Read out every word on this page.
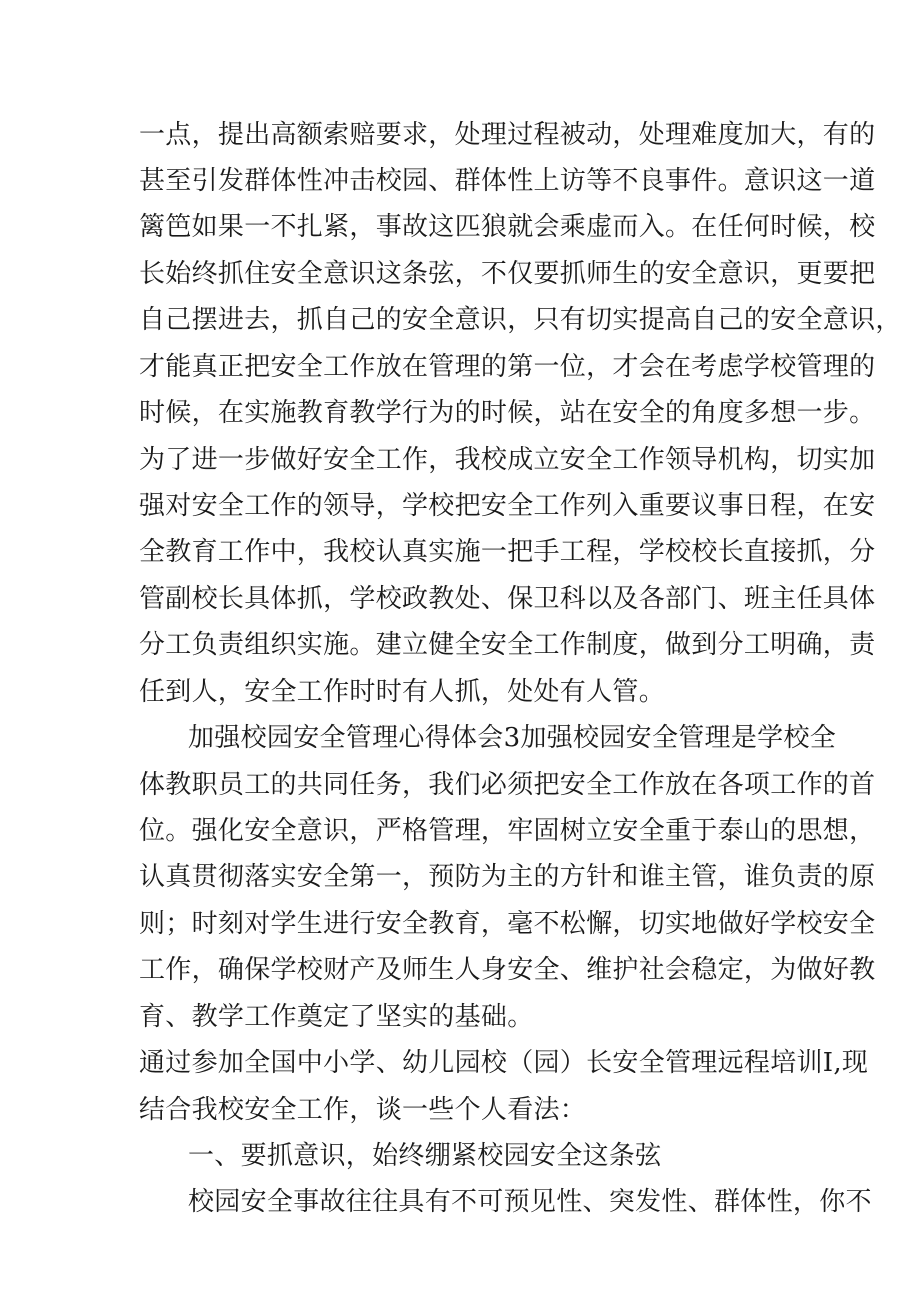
一点，提出高额索赔要求，处理过程被动，处理难度加大，有的
甚至引发群体性冲击校园、群体性上访等不良事件。意识这一道
篱笆如果一不扎紧，事故这匹狼就会乘虚而入。在任何时候，校
长始终抓住安全意识这条弦，不仅要抓师生的安全意识，更要把
自己摆进去，抓自己的安全意识，只有切实提高自己的安全意识，
才能真正把安全工作放在管理的第一位，才会在考虑学校管理的
时候，在实施教育教学行为的时候，站在安全的角度多想一步。
为了进一步做好安全工作，我校成立安全工作领导机构，切实加
强对安全工作的领导，学校把安全工作列入重要议事日程，在安
全教育工作中，我校认真实施一把手工程，学校校长直接抓，分
管副校长具体抓，学校政教处、保卫科以及各部门、班主任具体
分工负责组织实施。建立健全安全工作制度，做到分工明确，责
任到人，安全工作时时有人抓，处处有人管。
加强校园安全管理心得体会3加强校园安全管理是学校全
体教职员工的共同任务，我们必须把安全工作放在各项工作的首
位。强化安全意识，严格管理，牢固树立安全重于泰山的思想，
认真贯彻落实安全第一，预防为主的方针和谁主管，谁负责的原
则；时刻对学生进行安全教育，毫不松懈，切实地做好学校安全
工作，确保学校财产及师生人身安全、维护社会稳定，为做好教
育、教学工作奠定了坚实的基础。
通过参加全国中小学、幼儿园校（园）长安全管理远程培训I,现
结合我校安全工作，谈一些个人看法：
一、要抓意识，始终绷紧校园安全这条弦
校园安全事故往往具有不可预见性、突发性、群体性，你不
